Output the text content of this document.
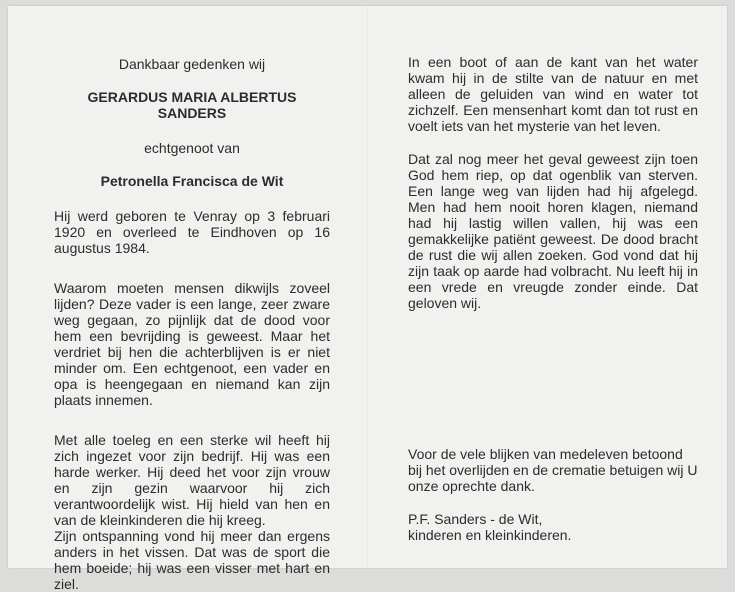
Dankbaar gedenken wij

GERARDUS MARIA ALBERTUS
SANDERS

echtgenoot van

Petronella Francisca de Wit

Hij werd geboren te Venray op 3 februari 1920 en overleed te Eindhoven op 16 augustus 1984.

Waarom moeten mensen dikwijls zoveel lijden? Deze vader is een lange, zeer zware weg gegaan, zo pijnlijk dat de dood voor hem een bevrijding is geweest. Maar het verdriet bij hen die achterblijven is er niet minder om. Een echtgenoot, een vader en opa is heengegaan en niemand kan zijn plaats innemen.

Met alle toeleg en een sterke wil heeft hij zich ingezet voor zijn bedrijf. Hij was een harde werker. Hij deed het voor zijn vrouw en zijn gezin waarvoor hij zich verantwoordelijk wist. Hij hield van hen en van de kleinkinderen die hij kreeg.

Zijn ontspanning vond hij meer dan ergens anders in het vissen. Dat was de sport die hem boeide; hij was een visser met hart en ziel.

In een boot of aan de kant van het water kwam hij in de stilte van de natuur en met alleen de geluiden van wind en water tot zichzelf. Een mensenhart komt dan tot rust en voelt iets van het mysterie van het leven.

Dat zal nog meer het geval geweest zijn toen God hem riep, op dat ogenblik van sterven. Een lange weg van lijden had hij afgelegd. Men had hem nooit horen klagen, niemand had hij lastig willen vallen, hij was een gemakkelijke patiënt geweest. De dood bracht de rust die wij allen zoeken. God vond dat hij zijn taak op aarde had volbracht. Nu leeft hij in een vrede en vreugde zonder einde. Dat geloven wij.

Voor de vele blijken van medeleven betoond bij het overlijden en de crematie betuigen wij U onze oprechte dank.

P.F. Sanders - de Wit,
kinderen en kleinkinderen.
